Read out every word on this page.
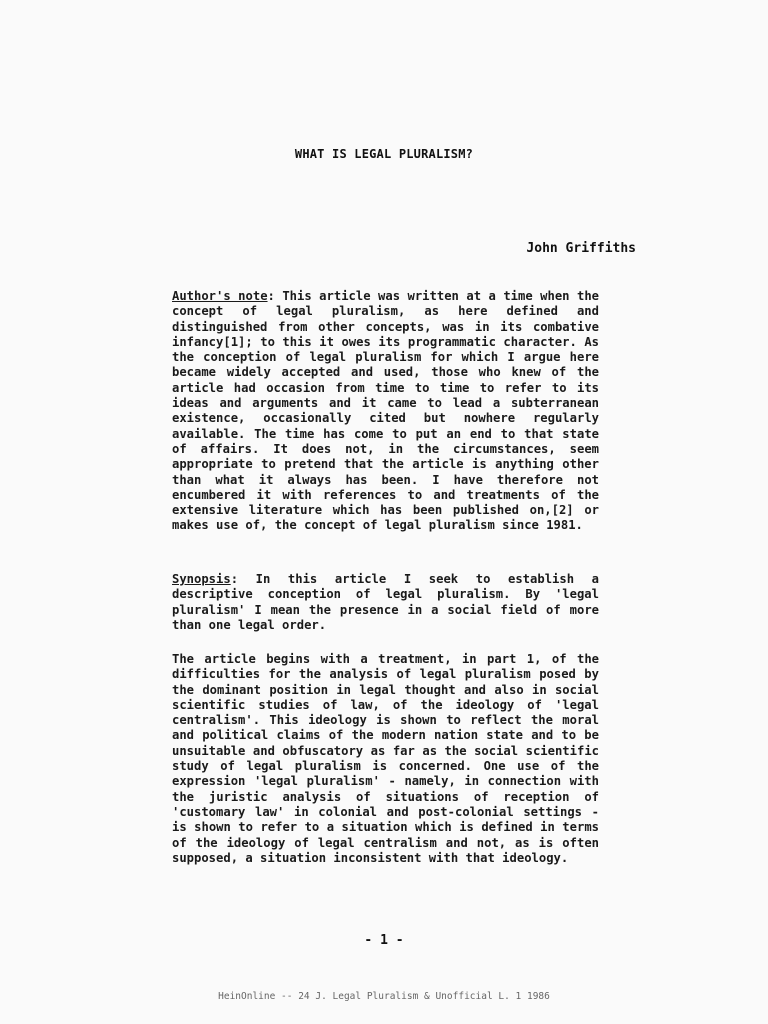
WHAT IS LEGAL PLURALISM?
John Griffiths
Author's note: This article was written at a time when the concept of legal pluralism, as here defined and distinguished from other concepts, was in its combative infancy[1]; to this it owes its programmatic character. As the conception of legal pluralism for which I argue here became widely accepted and used, those who knew of the article had occasion from time to time to refer to its ideas and arguments and it came to lead a subterranean existence, occasionally cited but nowhere regularly available. The time has come to put an end to that state of affairs. It does not, in the circumstances, seem appropriate to pretend that the article is anything other than what it always has been. I have therefore not encumbered it with references to and treatments of the extensive literature which has been published on,[2] or makes use of, the concept of legal pluralism since 1981.
Synopsis: In this article I seek to establish a descriptive conception of legal pluralism. By 'legal pluralism' I mean the presence in a social field of more than one legal order.
The article begins with a treatment, in part 1, of the difficulties for the analysis of legal pluralism posed by the dominant position in legal thought and also in social scientific studies of law, of the ideology of 'legal centralism'. This ideology is shown to reflect the moral and political claims of the modern nation state and to be unsuitable and obfuscatory as far as the social scientific study of legal pluralism is concerned. One use of the expression 'legal pluralism' - namely, in connection with the juristic analysis of situations of reception of 'customary law' in colonial and post-colonial settings - is shown to refer to a situation which is defined in terms of the ideology of legal centralism and not, as is often supposed, a situation inconsistent with that ideology.
- 1 -
HeinOnline -- 24 J. Legal Pluralism & Unofficial L. 1 1986
